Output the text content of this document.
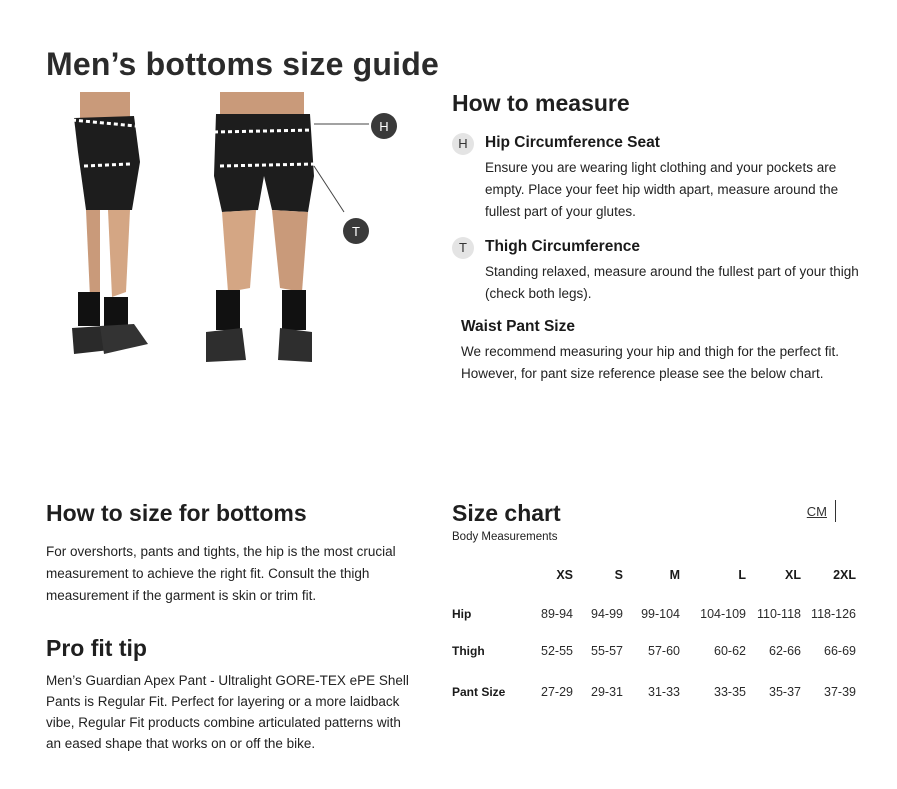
Men’s bottoms size guide
H
T
How to measure
H	Hip Circumference Seat
Ensure you are wearing light clothing and your pockets are empty. Place your feet hip width apart, measure around the fullest part of your glutes.
T	Thigh Circumference
Standing relaxed, measure around the fullest part of your thigh (check both legs).
Waist Pant Size
We recommend measuring your hip and thigh for the perfect fit. However, for pant size reference please see the below chart.
How to size for bottoms

For overshorts, pants and tights, the hip is the most crucial measurement to achieve the right fit. Consult the thigh measurement if the garment is skin or trim fit.

Pro fit tip

Men’s Guardian Apex Pant - Ultralight GORE-TEX ePE Shell Pants is Regular Fit. Perfect for layering or a more laidback vibe, Regular Fit products combine articulated patterns with an eased shape that works on or off the bike.

Size chart
Body Measurements
CM
	XS	S	M	L	XL	2XL
Hip	89-94	94-99	99-104	104-109	110-118	118-126
Thigh	52-55	55-57	57-60	60-62	62-66	66-69
Pant Size	27-29	29-31	31-33	33-35	35-37	37-39
